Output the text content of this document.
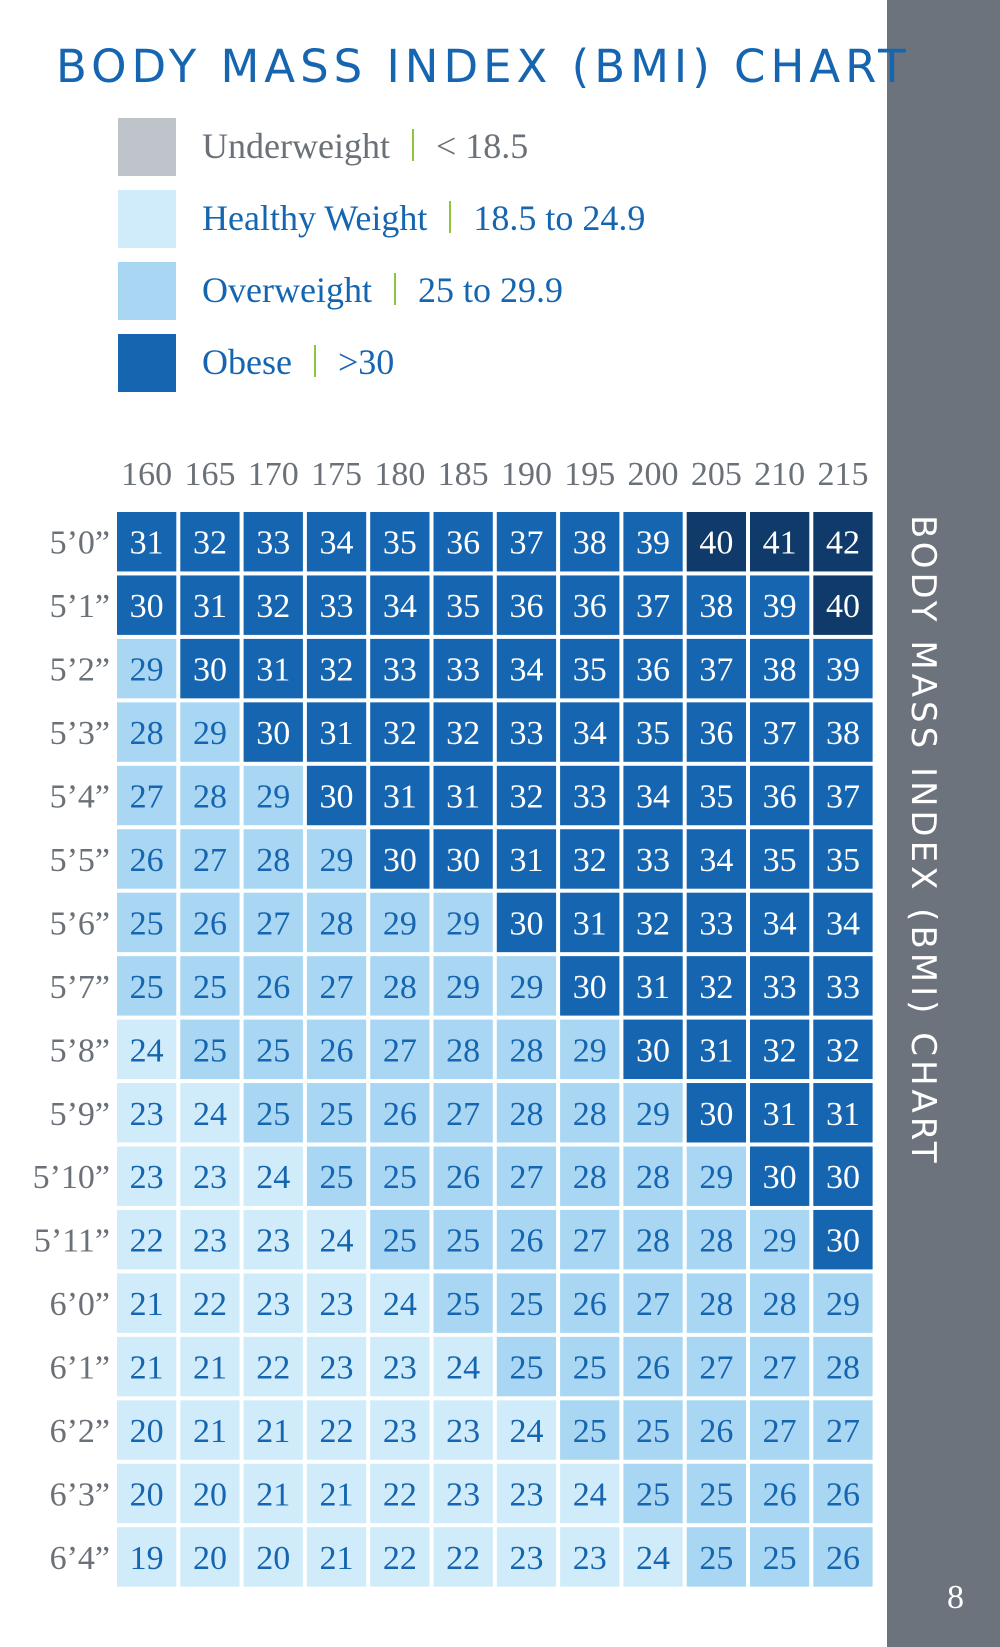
BODY MASS INDEX (BMI) CHART
8
BODY MASS INDEX (BMI) CHART
Underweight < 18.5
Healthy Weight 18.5 to 24.9
Overweight 25 to 29.9
Obese >30
160 165 170 175 180 185 190 195 200 205 210 215
5’0”
5’1”
5’2”
5’3”
5’4”
5’5”
5’6”
5’7”
5’8”
5’9”
5’10”
5’11”
6’0”
6’1”
6’2”
6’3”
6’4”
31 32 33 34 35 36 37 38 39 40 41 42
30 31 32 33 34 35 36 36 37 38 39 40
29 30 31 32 33 33 34 35 36 37 38 39
28 29 30 31 32 32 33 34 35 36 37 38
27 28 29 30 31 31 32 33 34 35 36 37
26 27 28 29 30 30 31 32 33 34 35 35
25 26 27 28 29 29 30 31 32 33 34 34
25 25 26 27 28 29 29 30 31 32 33 33
24 25 25 26 27 28 28 29 30 31 32 32
23 24 25 25 26 27 28 28 29 30 31 31
23 23 24 25 25 26 27 28 28 29 30 30
22 23 23 24 25 25 26 27 28 28 29 30
21 22 23 23 24 25 25 26 27 28 28 29
21 21 22 23 23 24 25 25 26 27 27 28
20 21 21 22 23 23 24 25 25 26 27 27
20 20 21 21 22 23 23 24 25 25 26 26
19 20 20 21 22 22 23 23 24 25 25 26
